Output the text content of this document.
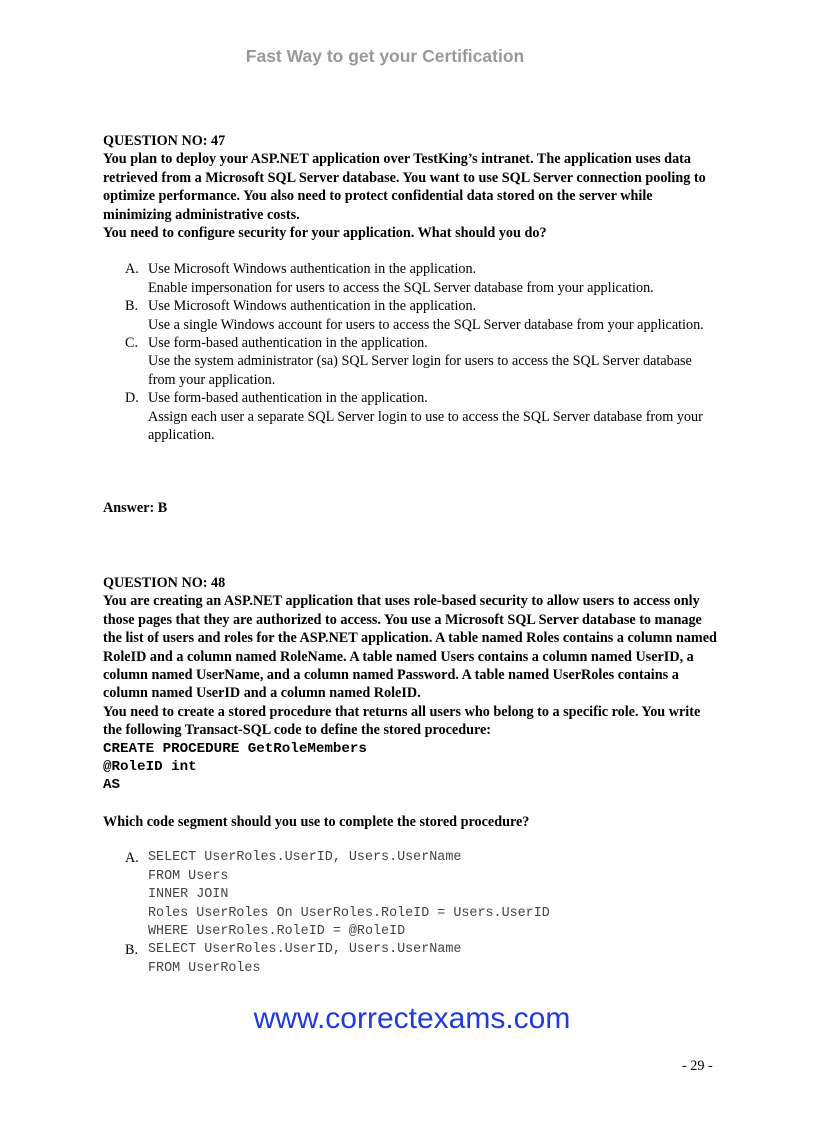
Fast Way to get your Certification

QUESTION NO: 47

You plan to deploy your ASP.NET application over TestKing’s intranet. The application uses data retrieved from a Microsoft SQL Server database. You want to use SQL Server connection pooling to optimize performance. You also need to protect confidential data stored on the server while minimizing administrative costs.

You need to configure security for your application. What should you do?

A. Use Microsoft Windows authentication in the application.
Enable impersonation for users to access the SQL Server database from your application.
B. Use Microsoft Windows authentication in the application.
Use a single Windows account for users to access the SQL Server database from your application.
C. Use form-based authentication in the application.
Use the system administrator (sa) SQL Server login for users to access the SQL Server database from your application.
D. Use form-based authentication in the application.
Assign each user a separate SQL Server login to use to access the SQL Server database from your application.
Answer: B

QUESTION NO: 48

You are creating an ASP.NET application that uses role-based security to allow users to access only those pages that they are authorized to access. You use a Microsoft SQL Server database to manage the list of users and roles for the ASP.NET application. A table named Roles contains a column named RoleID and a column named RoleName. A table named Users contains a column named UserID, a column named UserName, and a column named Password. A table named UserRoles contains a column named UserID and a column named RoleID.

You need to create a stored procedure that returns all users who belong to a specific role. You write the following Transact-SQL code to define the stored procedure:

CREATE PROCEDURE GetRoleMembers

@RoleID int

AS

Which code segment should you use to complete the stored procedure?

A. SELECT UserRoles.UserID, Users.UserName
FROM Users
INNER JOIN
Roles UserRoles On UserRoles.RoleID = Users.UserID
WHERE UserRoles.RoleID = @RoleID
B. SELECT UserRoles.UserID, Users.UserName
FROM UserRoles
www.correctexams.com
- 29 -
